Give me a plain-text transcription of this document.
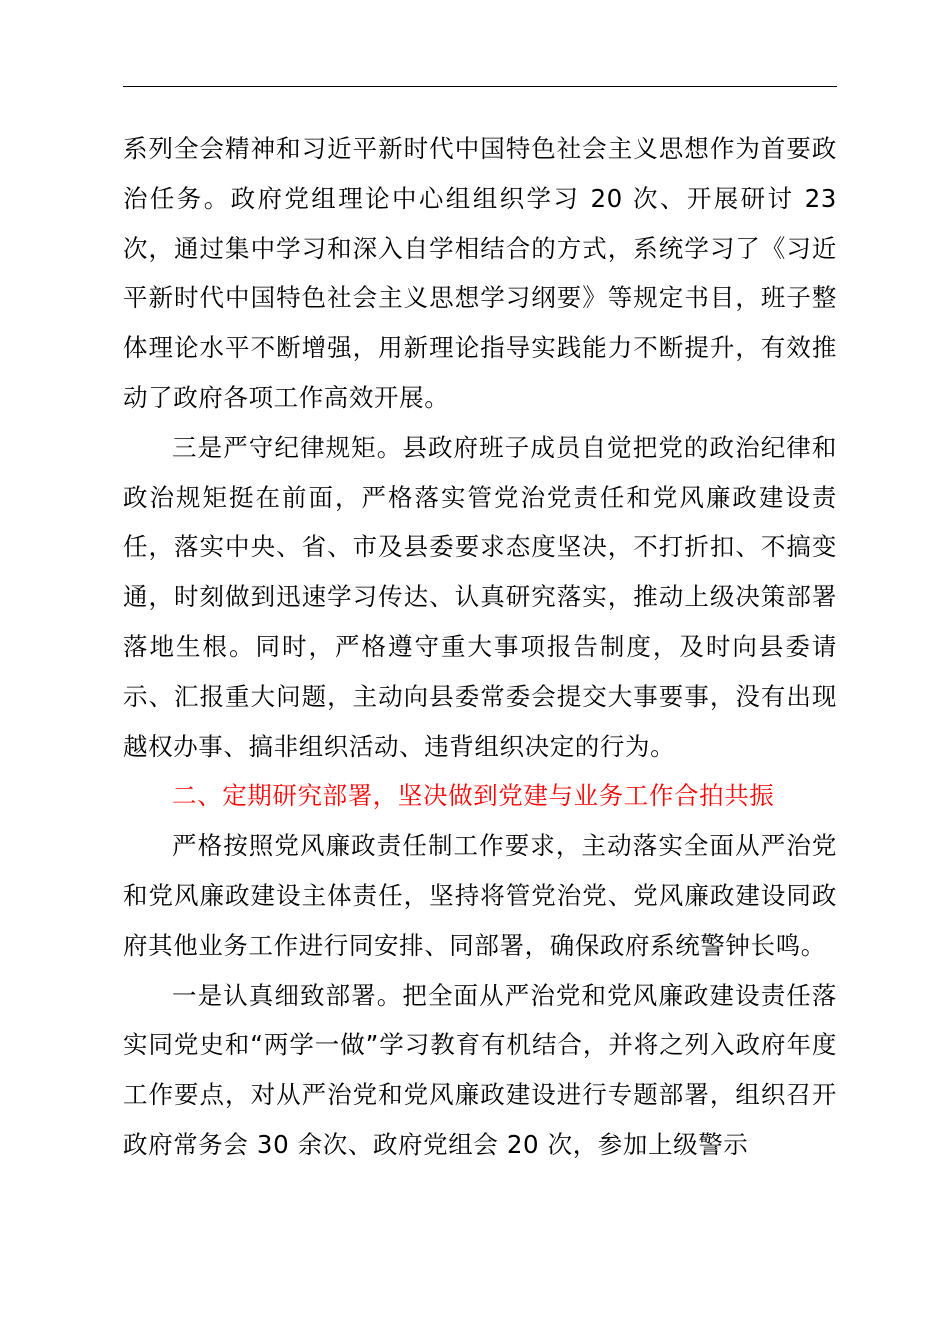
系列全会精神和习近平新时代中国特色社会主义思想作为首要政治任务。政府党组理论中心组组织学习 20 次、开展研讨 23 次，通过集中学习和深入自学相结合的方式，系统学习了《习近平新时代中国特色社会主义思想学习纲要》等规定书目，班子整体理论水平不断增强，用新理论指导实践能力不断提升，有效推动了政府各项工作高效开展。

三是严守纪律规矩。县政府班子成员自觉把党的政治纪律和政治规矩挺在前面，严格落实管党治党责任和党风廉政建设责任，落实中央、省、市及县委要求态度坚决，不打折扣、不搞变通，时刻做到迅速学习传达、认真研究落实，推动上级决策部署落地生根。同时，严格遵守重大事项报告制度，及时向县委请示、汇报重大问题，主动向县委常委会提交大事要事，没有出现越权办事、搞非组织活动、违背组织决定的行为。

二、定期研究部署，坚决做到党建与业务工作合拍共振

严格按照党风廉政责任制工作要求，主动落实全面从严治党和党风廉政建设主体责任，坚持将管党治党、党风廉政建设同政府其他业务工作进行同安排、同部署，确保政府系统警钟长鸣。

一是认真细致部署。把全面从严治党和党风廉政建设责任落实同党史和“两学一做”学习教育有机结合，并将之列入政府年度工作要点，对从严治党和党风廉政建设进行专题部署，组织召开政府常务会 30 余次、政府党组会 20 次，参加上级警示
